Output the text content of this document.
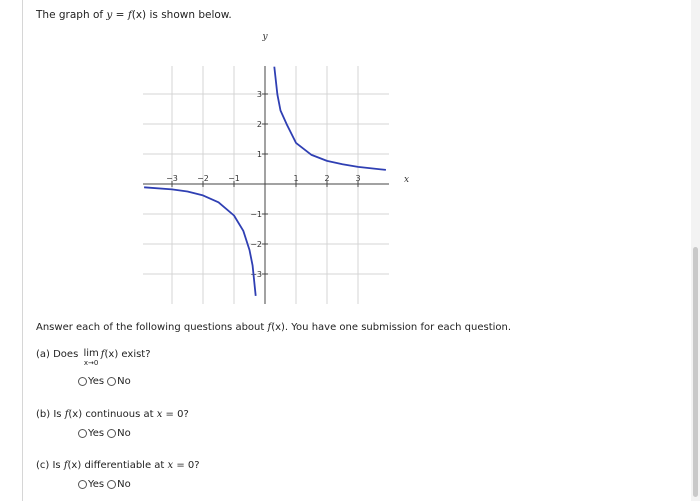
The graph of y = f(x) is shown below.
−3 −2 −1	1	2	3
−3
−2
−1
1
2
3
x
y
Answer each of the following questions about f(x). You have one submission for each question.
(a) Does lim
x→0
f(x) exist?
Yes No
(b) Is f(x) continuous at x = 0?
Yes No
(c) Is f(x) differentiable at x = 0?
Yes No
